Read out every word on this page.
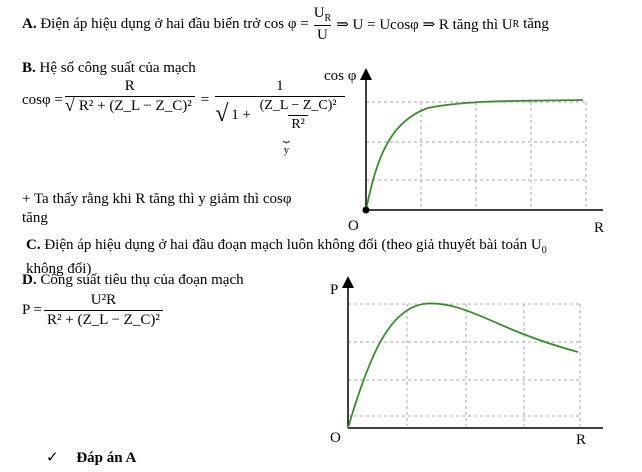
A.
Điện áp hiệu dụng ở hai đầu biến trở
$\cos \varphi = \frac{U_R}{U}$ ⇒ U = Ucosφ ⇒ R tăng thì U R
tăng
B. Hệ số công suất của mạch
$\cos\varphi = \frac{R}{\text{√ R² + (Z\_L − Z\_C)²}}$ =
1
√ $1 + \frac{\text{(Z\_L − Z\_C)²}}{\text{R²}}$
⏟
y
+ Ta thấy rằng khi R tăng thì y giảm thì cosφ
tăng
cos φ
O	R
C. Điện áp hiệu dụng ở hai đầu đoạn mạch luôn không đổi (theo giả thuyết bài toán $U_0$
không đổi)
D. Công suất tiêu thụ của đoạn mạch
$P = \frac{\text{U²R}}{\text{R² + (Z\_L − Z\_C)²}}$
P
O	R
✓ Đáp án A
